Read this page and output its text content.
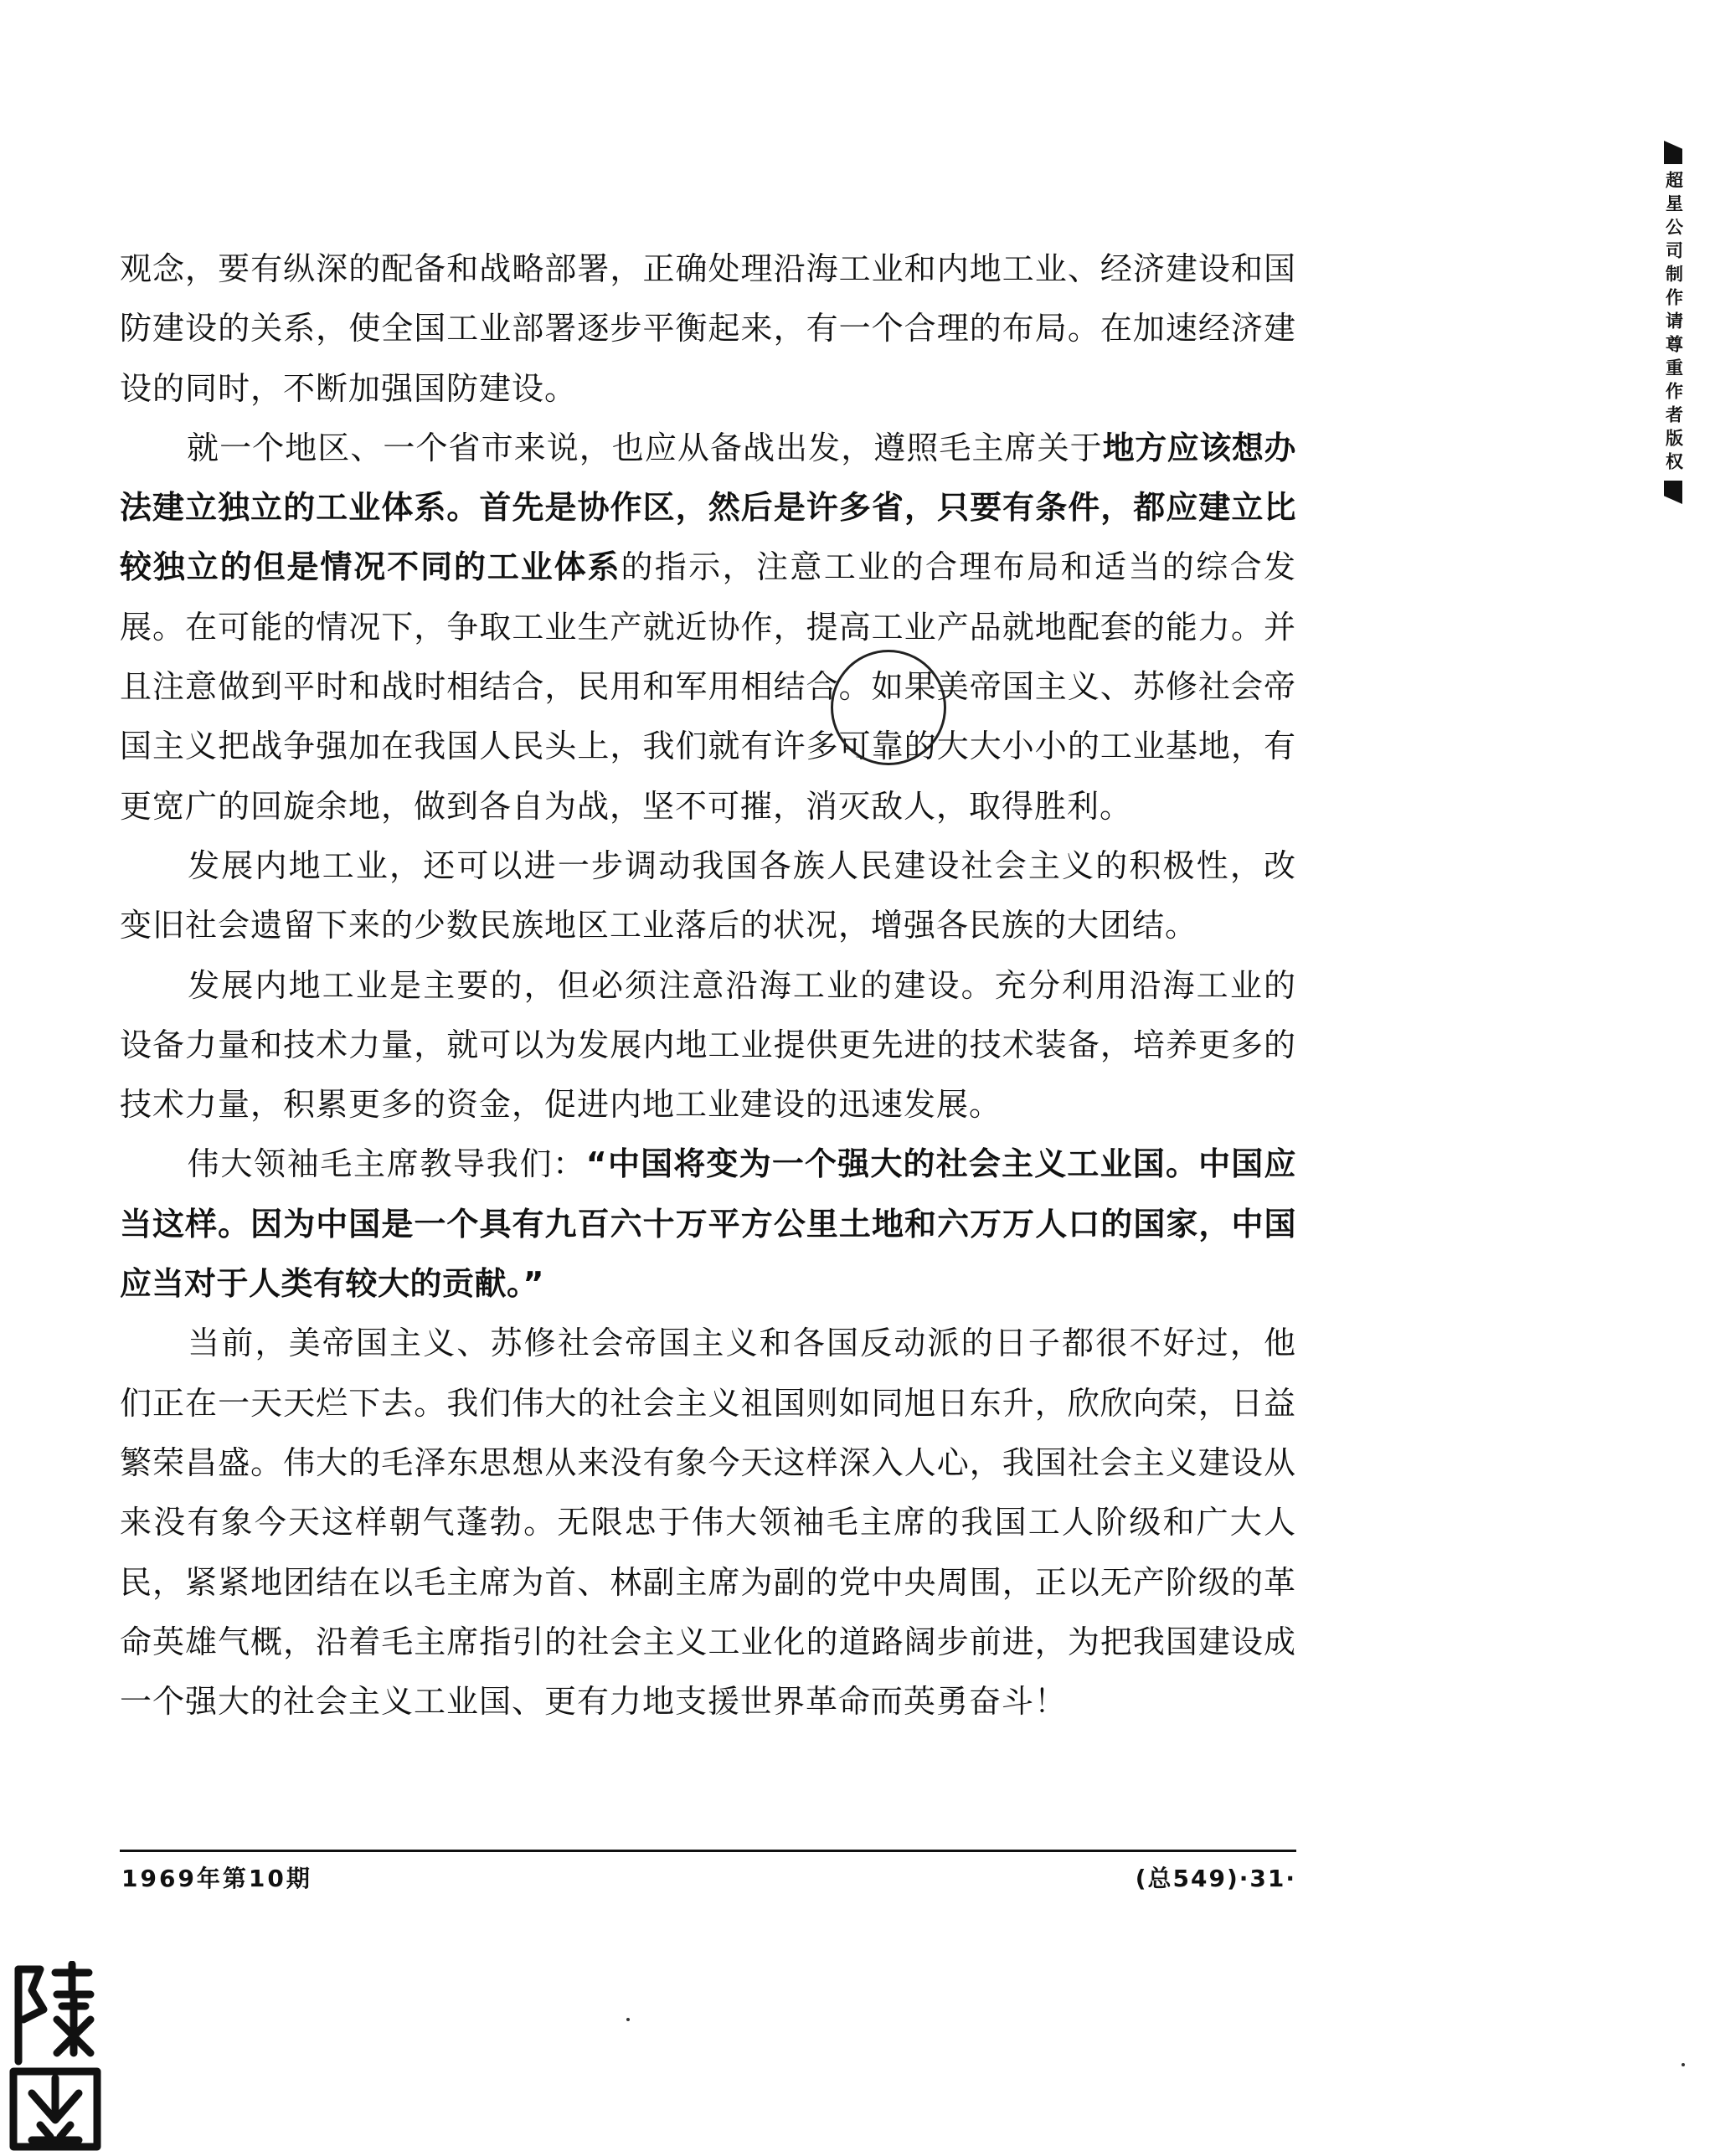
超星公司制作请尊重作者版权

观念，要有纵深的配备和战略部署，正确处理沿海工业和内地工业、经济建设和国防建设的关系，使全国工业部署逐步平衡起来，有一个合理的布局。在加速经济建设的同时，不断加强国防建设。

就一个地区、一个省市来说，也应从备战出发，遵照毛主席关于地方应该想办法建立独立的工业体系。首先是协作区，然后是许多省，只要有条件，都应建立比较独立的但是情况不同的工业体系的指示，注意工业的合理布局和适当的综合发展。在可能的情况下，争取工业生产就近协作，提高工业产品就地配套的能力。并且注意做到平时和战时相结合，民用和军用相结合。如果美帝国主义、苏修社会帝国主义把战争强加在我国人民头上，我们就有许多可靠的大大小小的工业基地，有更宽广的回旋余地，做到各自为战，坚不可摧，消灭敌人，取得胜利。

发展内地工业，还可以进一步调动我国各族人民建设社会主义的积极性，改变旧社会遗留下来的少数民族地区工业落后的状况，增强各民族的大团结。

发展内地工业是主要的，但必须注意沿海工业的建设。充分利用沿海工业的设备力量和技术力量，就可以为发展内地工业提供更先进的技术装备，培养更多的技术力量，积累更多的资金，促进内地工业建设的迅速发展。

伟大领袖毛主席教导我们：“中国将变为一个强大的社会主义工业国。中国应当这样。因为中国是一个具有九百六十万平方公里土地和六万万人口的国家，中国应当对于人类有较大的贡献。”

当前，美帝国主义、苏修社会帝国主义和各国反动派的日子都很不好过，他们正在一天天烂下去。我们伟大的社会主义祖国则如同旭日东升，欣欣向荣，日益繁荣昌盛。伟大的毛泽东思想从来没有象今天这样深入人心，我国社会主义建设从来没有象今天这样朝气蓬勃。无限忠于伟大领袖毛主席的我国工人阶级和广大人民，紧紧地团结在以毛主席为首、林副主席为副的党中央周围，正以无产阶级的革命英雄气概，沿着毛主席指引的社会主义工业化的道路阔步前进，为把我国建设成一个强大的社会主义工业国、更有力地支援世界革命而英勇奋斗！

1969年第10期	(总549)·31·
